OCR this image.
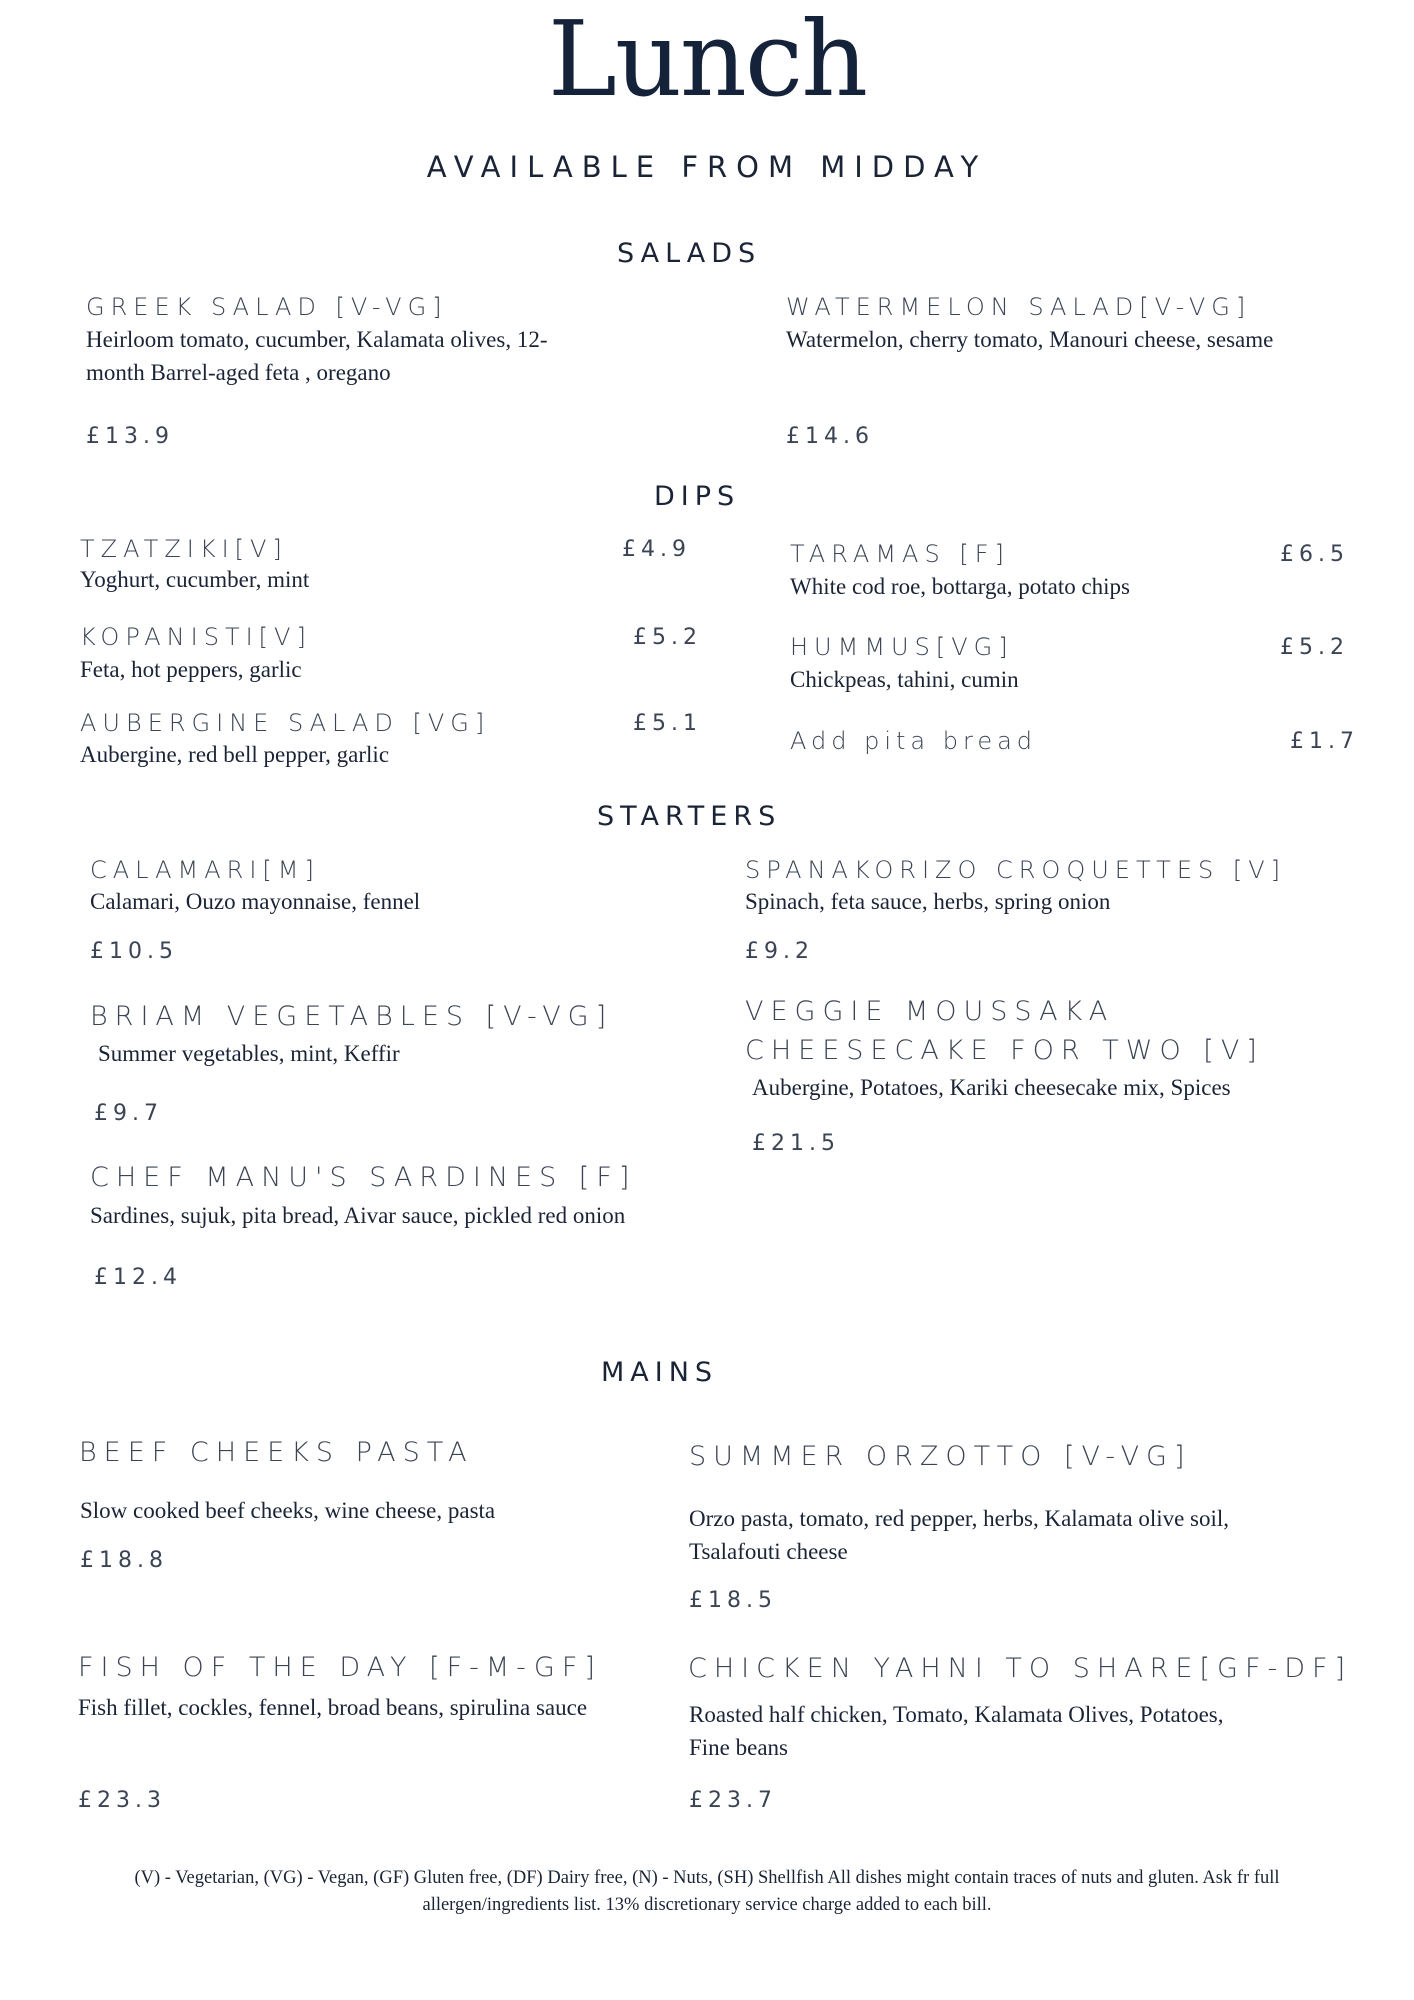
Lunch
AVAILABLE FROM MIDDAY
SALADS
GREEK SALAD [V-VG]
Heirloom tomato, cucumber, Kalamata olives, 12-month Barrel-aged feta , oregano
£13.9
WATERMELON SALAD[V-VG]
Watermelon, cherry tomato, Manouri cheese, sesame
£14.6
DIPS
TZATZIKI[V]	£4.9
Yoghurt, cucumber, mint
KOPANISTI[V]	£5.2
Feta, hot peppers, garlic
AUBERGINE SALAD [VG]	£5.1
Aubergine, red bell pepper, garlic
TARAMAS [F]	£6.5
White cod roe, bottarga, potato chips
HUMMUS[VG]	£5.2
Chickpeas, tahini, cumin
Add pita bread	£1.7
STARTERS
CALAMARI[M]
Calamari, Ouzo mayonnaise, fennel
£10.5
BRIAM VEGETABLES [V-VG]
Summer vegetables, mint, Keffir
£9.7
CHEF MANU'S SARDINES [F]
Sardines, sujuk, pita bread, Aivar sauce, pickled red onion
£12.4
SPANAKORIZO CROQUETTES [V]
Spinach, feta sauce, herbs, spring onion
£9.2
VEGGIE MOUSSAKA
CHEESECAKE FOR TWO [V]
Aubergine, Potatoes, Kariki cheesecake mix, Spices
£21.5
MAINS
BEEF CHEEKS PASTA
Slow cooked beef cheeks, wine cheese, pasta
£18.8
SUMMER ORZOTTO [V-VG]
Orzo pasta, tomato, red pepper, herbs, Kalamata olive soil, Tsalafouti cheese
£18.5
FISH OF THE DAY [F-M-GF]
Fish fillet, cockles, fennel, broad beans, spirulina sauce
£23.3
CHICKEN YAHNI TO SHARE[GF-DF]
Roasted half chicken, Tomato, Kalamata Olives, Potatoes, Fine beans
£23.7
(V) - Vegetarian, (VG) - Vegan, (GF) Gluten free, (DF) Dairy free, (N) - Nuts, (SH) Shellfish All dishes might contain traces of nuts and gluten. Ask fr full allergen/ingredients list. 13% discretionary service charge added to each bill.
